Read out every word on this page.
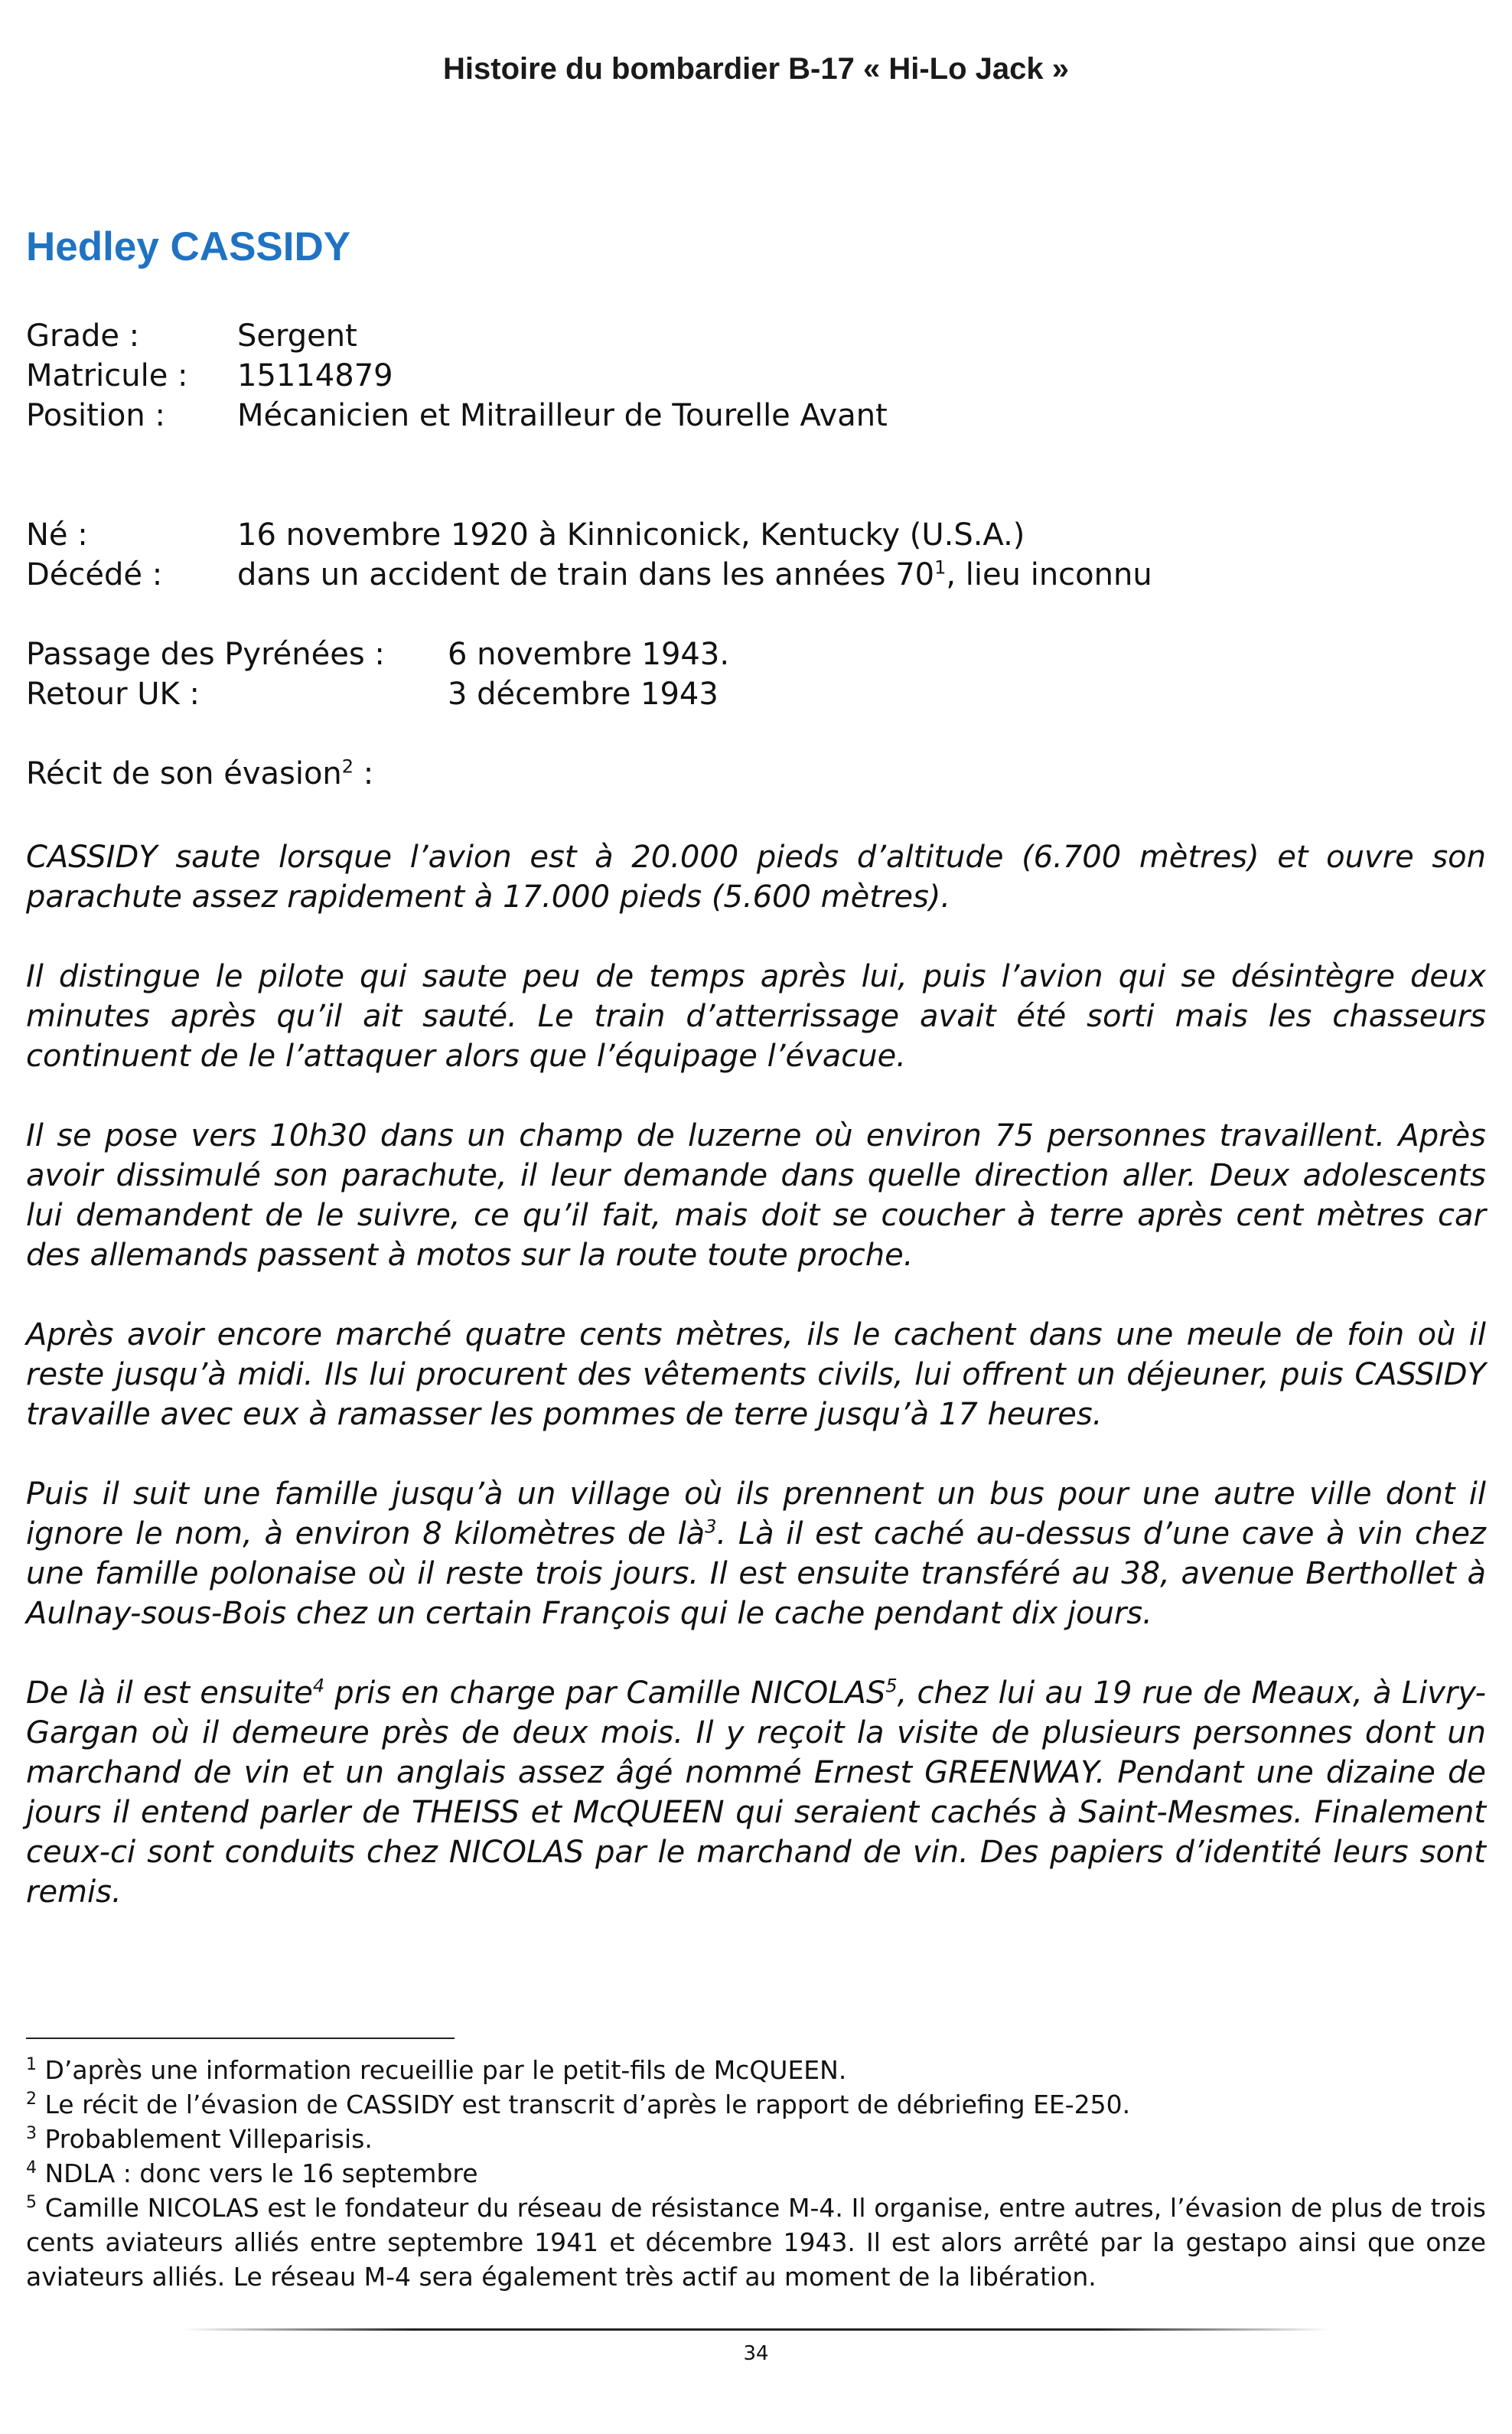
Histoire du bombardier B-17 « Hi-Lo Jack »
Hedley CASSIDY
Grade :	Sergent
Matricule : 15114879
Position : Mécanicien et Mitrailleur de Tourelle Avant
Né :	16 novembre 1920 à Kinniconick, Kentucky (U.S.A.)
Décédé : dans un accident de train dans les années $70^1$, lieu inconnu
Passage des Pyrénées : 6 novembre 1943.
Retour UK :	3 décembre 1943
Récit de son évasion$^2$ :

CASSIDY saute lorsque l’avion est à 20.000 pieds d’altitude (6.700 mètres) et ouvre son parachute assez rapidement à 17.000 pieds (5.600 mètres).

Il distingue le pilote qui saute peu de temps après lui, puis l’avion qui se désintègre deux minutes après qu’il ait sauté. Le train d’atterrissage avait été sorti mais les chasseurs continuent de le l’attaquer alors que l’équipage l’évacue.

Il se pose vers 10h30 dans un champ de luzerne où environ 75 personnes travaillent. Après avoir dissimulé son parachute, il leur demande dans quelle direction aller. Deux adolescents lui demandent de le suivre, ce qu’il fait, mais doit se coucher à terre après cent mètres car des allemands passent à motos sur la route toute proche.

Après avoir encore marché quatre cents mètres, ils le cachent dans une meule de foin où il reste jusqu’à midi. Ils lui procurent des vêtements civils, lui offrent un déjeuner, puis CASSIDY travaille avec eux à ramasser les pommes de terre jusqu’à 17 heures.

Puis il suit une famille jusqu’à un village où ils prennent un bus pour une autre ville dont il ignore le nom, à environ 8 kilomètres de $là^3$. Là il est caché au-dessus d’une cave à vin chez une famille polonaise où il reste trois jours. Il est ensuite transféré au 38, avenue Berthollet à Aulnay-sous-Bois chez un certain François qui le cache pendant dix jours.

De là il est ensuite$^4$ pris en charge par Camille NICOLAS$^5$, chez lui au 19 rue de Meaux, à Livry-Gargan où il demeure près de deux mois. Il y reçoit la visite de plusieurs personnes dont un marchand de vin et un anglais assez âgé nommé Ernest GREENWAY. Pendant une dizaine de jours il entend parler de THEISS et McQUEEN qui seraient cachés à Saint-Mesmes. Finalement ceux-ci sont conduits chez NICOLAS par le marchand de vin. Des papiers d’identité leurs sont remis.

$^1$ D’après une information recueillie par le petit-fils de McQUEEN.

$^2$ Le récit de l’évasion de CASSIDY est transcrit d’après le rapport de débriefing EE-250.

$^3$ Probablement Villeparisis.

$^4$ NDLA : donc vers le 16 septembre

$^5$ Camille NICOLAS est le fondateur du réseau de résistance M-4. Il organise, entre autres, l’évasion de plus de trois cents aviateurs alliés entre septembre 1941 et décembre 1943. Il est alors arrêté par la gestapo ainsi que onze aviateurs alliés. Le réseau M-4 sera également très actif au moment de la libération.

34
